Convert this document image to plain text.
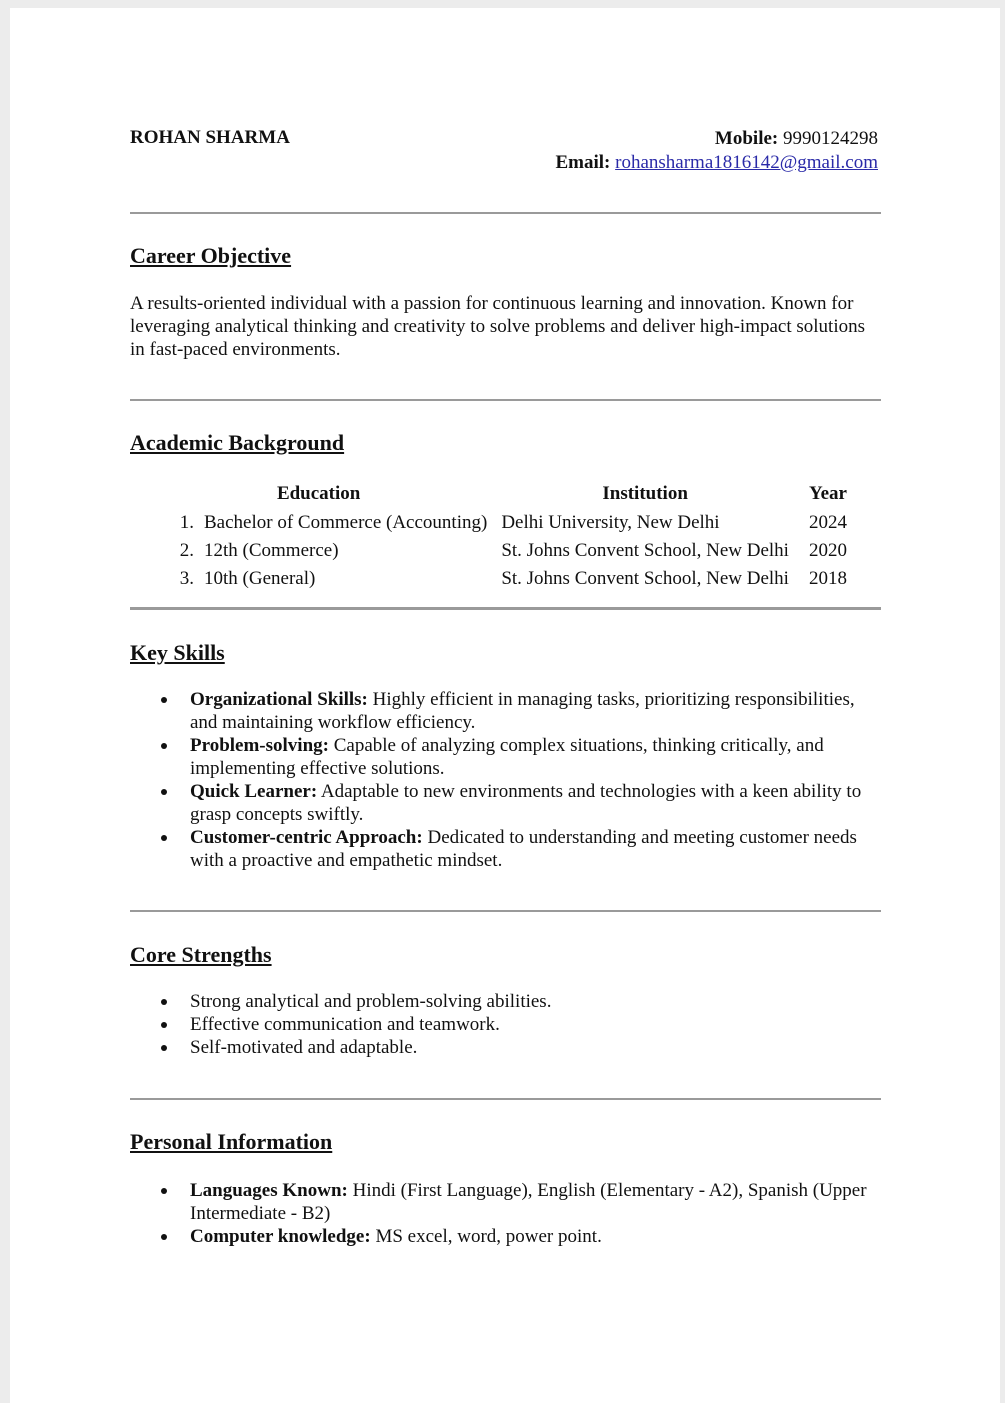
ROHAN SHARMA	Mobile: 9990124298
Email: rohansharma1816142@gmail.com
Career Objective
A results-oriented individual with a passion for continuous learning and innovation. Known for leveraging analytical thinking and creativity to solve problems and deliver high-impact solutions in fast-paced environments.
Academic Background
Education		Institution	Year
1.	Bachelor of Commerce (Accounting)	Delhi University, New Delhi	2024
2.	12th (Commerce)	St. Johns Convent School, New Delhi	2020
3.	10th (General)	St. Johns Convent School, New Delhi	2018
Key Skills
Organizational Skills: Highly efficient in managing tasks, prioritizing responsibilities, and maintaining workflow efficiency.
Problem-solving: Capable of analyzing complex situations, thinking critically, and implementing effective solutions.
Quick Learner: Adaptable to new environments and technologies with a keen ability to grasp concepts swiftly.
Customer-centric Approach: Dedicated to understanding and meeting customer needs with a proactive and empathetic mindset.
Core Strengths
Strong analytical and problem-solving abilities.
Effective communication and teamwork.
Self-motivated and adaptable.
Personal Information
Languages Known: Hindi (First Language), English (Elementary - A2), Spanish (Upper Intermediate - B2)
Computer knowledge: MS excel, word, power point.
